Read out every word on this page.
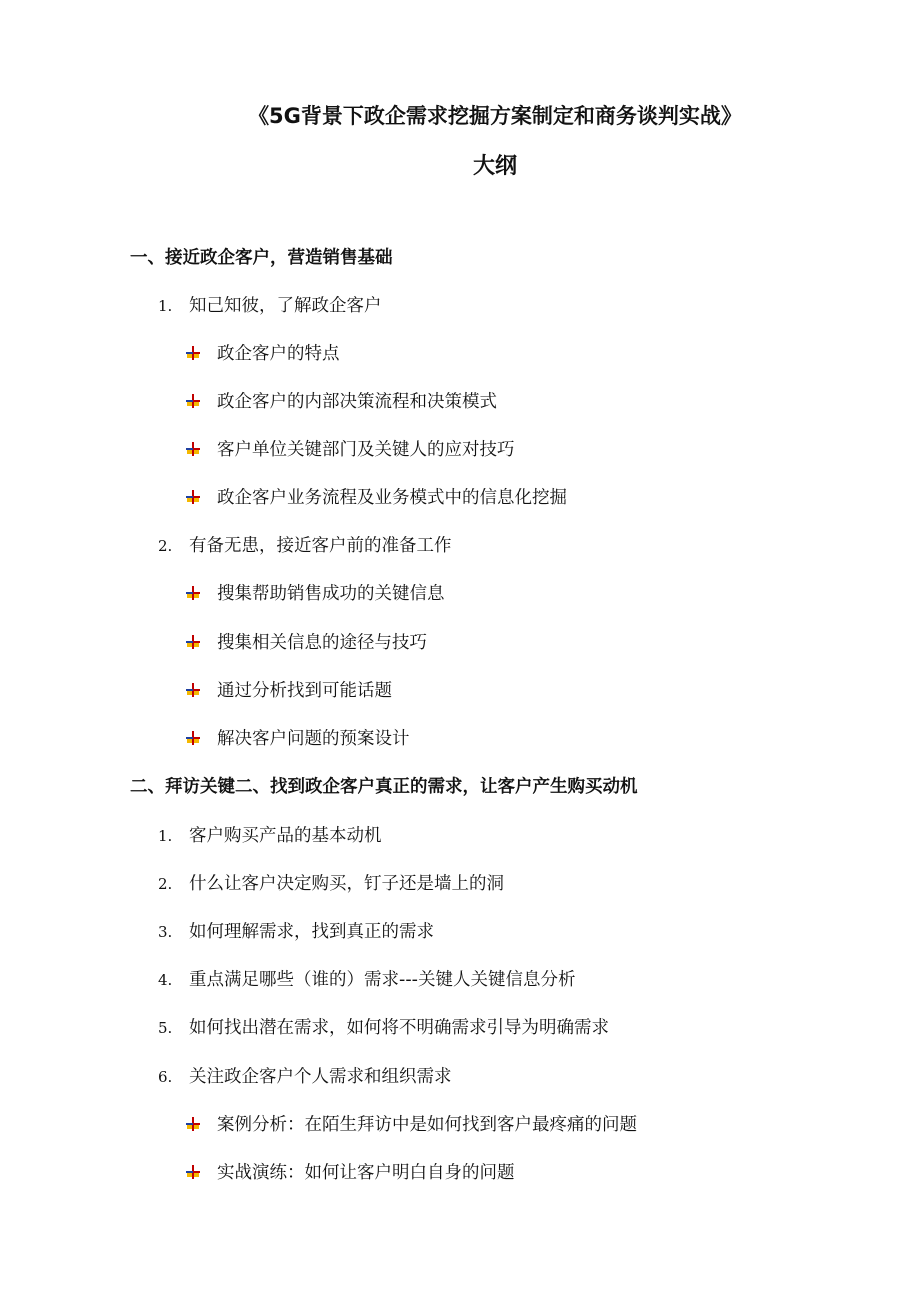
《5G背景下政企需求挖掘方案制定和商务谈判实战》
大纲
一、接近政企客户，营造销售基础
1. 知己知彼，了解政企客户
政企客户的特点
政企客户的内部决策流程和决策模式
客户单位关键部门及关键人的应对技巧
政企客户业务流程及业务模式中的信息化挖掘
2. 有备无患，接近客户前的准备工作
搜集帮助销售成功的关键信息
搜集相关信息的途径与技巧
通过分析找到可能话题
解决客户问题的预案设计
二、拜访关键二、找到政企客户真正的需求，让客户产生购买动机
1. 客户购买产品的基本动机
2. 什么让客户决定购买，钉子还是墙上的洞
3. 如何理解需求，找到真正的需求
4. 重点满足哪些（谁的）需求---关键人关键信息分析
5. 如何找出潜在需求，如何将不明确需求引导为明确需求
6. 关注政企客户个人需求和组织需求
案例分析：在陌生拜访中是如何找到客户最疼痛的问题
实战演练：如何让客户明白自身的问题
